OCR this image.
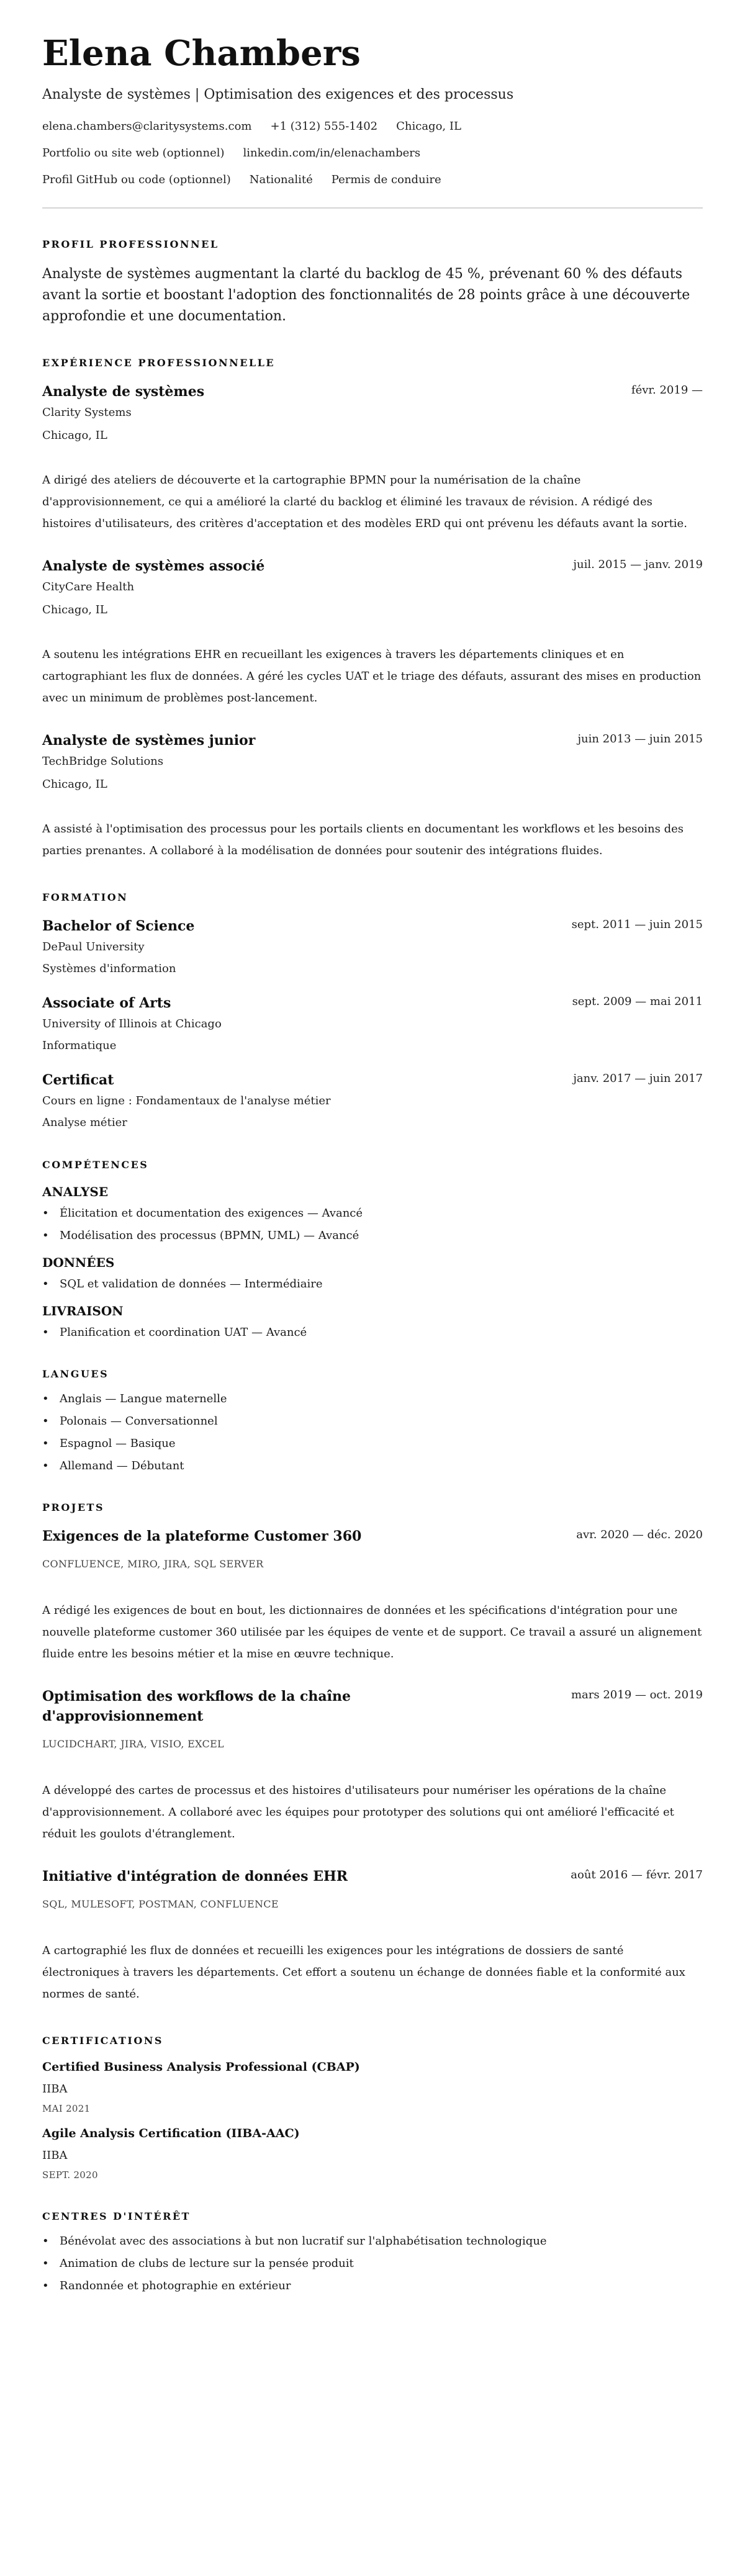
Elena Chambers
Analyste de systèmes | Optimisation des exigences et des processus
elena.chambers@claritysystems.com +1 (312) 555-1402 Chicago, IL
Portfolio ou site web (optionnel) linkedin.com/in/elenachambers
Profil GitHub ou code (optionnel) Nationalité Permis de conduire
PROFIL PROFESSIONNEL

Analyste de systèmes augmentant la clarté du backlog de 45 %, prévenant 60 % des défauts avant la sortie et boostant l'adoption des fonctionnalités de 28 points grâce à une découverte approfondie et une documentation.

EXPÉRIENCE PROFESSIONNELLE
Analyste de systèmes	févr. 2019 —
Clarity Systems
Chicago, IL
A dirigé des ateliers de découverte et la cartographie BPMN pour la numérisation de la chaîne d'approvisionnement, ce qui a amélioré la clarté du backlog et éliminé les travaux de révision. A rédigé des histoires d'utilisateurs, des critères d'acceptation et des modèles ERD qui ont prévenu les défauts avant la sortie.
Analyste de systèmes associé	juil. 2015 — janv. 2019
CityCare Health
Chicago, IL
A soutenu les intégrations EHR en recueillant les exigences à travers les départements cliniques et en cartographiant les flux de données. A géré les cycles UAT et le triage des défauts, assurant des mises en production avec un minimum de problèmes post-lancement.
Analyste de systèmes junior	juin 2013 — juin 2015
TechBridge Solutions
Chicago, IL
A assisté à l'optimisation des processus pour les portails clients en documentant les workflows et les besoins des parties prenantes. A collaboré à la modélisation de données pour soutenir des intégrations fluides.
FORMATION
Bachelor of Science	sept. 2011 — juin 2015
DePaul University
Systèmes d'information
Associate of Arts	sept. 2009 — mai 2011
University of Illinois at Chicago
Informatique
Certificat	janv. 2017 — juin 2017
Cours en ligne : Fondamentaux de l'analyse métier
Analyse métier
COMPÉTENCES
ANALYSE
• Élicitation et documentation des exigences — Avancé
• Modélisation des processus (BPMN, UML) — Avancé
DONNÉES
• SQL et validation de données — Intermédiaire
LIVRAISON
• Planification et coordination UAT — Avancé
LANGUES
• Anglais — Langue maternelle
• Polonais — Conversationnel
• Espagnol — Basique
• Allemand — Débutant
PROJETS
Exigences de la plateforme Customer 360	avr. 2020 — déc. 2020
CONFLUENCE, MIRO, JIRA, SQL SERVER
A rédigé les exigences de bout en bout, les dictionnaires de données et les spécifications d'intégration pour une nouvelle plateforme customer 360 utilisée par les équipes de vente et de support. Ce travail a assuré un alignement fluide entre les besoins métier et la mise en œuvre technique.
Optimisation des workflows de la chaîne d'approvisionnement
mars 2019 — oct. 2019
LUCIDCHART, JIRA, VISIO, EXCEL
A développé des cartes de processus et des histoires d'utilisateurs pour numériser les opérations de la chaîne d'approvisionnement. A collaboré avec les équipes pour prototyper des solutions qui ont amélioré l'efficacité et réduit les goulots d'étranglement.
Initiative d'intégration de données EHR	août 2016 — févr. 2017
SQL, MULESOFT, POSTMAN, CONFLUENCE
A cartographié les flux de données et recueilli les exigences pour les intégrations de dossiers de santé électroniques à travers les départements. Cet effort a soutenu un échange de données fiable et la conformité aux normes de santé.
CERTIFICATIONS
Certified Business Analysis Professional (CBAP)
IIBA
MAI 2021
Agile Analysis Certification (IIBA-AAC)
IIBA
SEPT. 2020
CENTRES D'INTÉRÊT
• Bénévolat avec des associations à but non lucratif sur l'alphabétisation technologique
• Animation de clubs de lecture sur la pensée produit
• Randonnée et photographie en extérieur
